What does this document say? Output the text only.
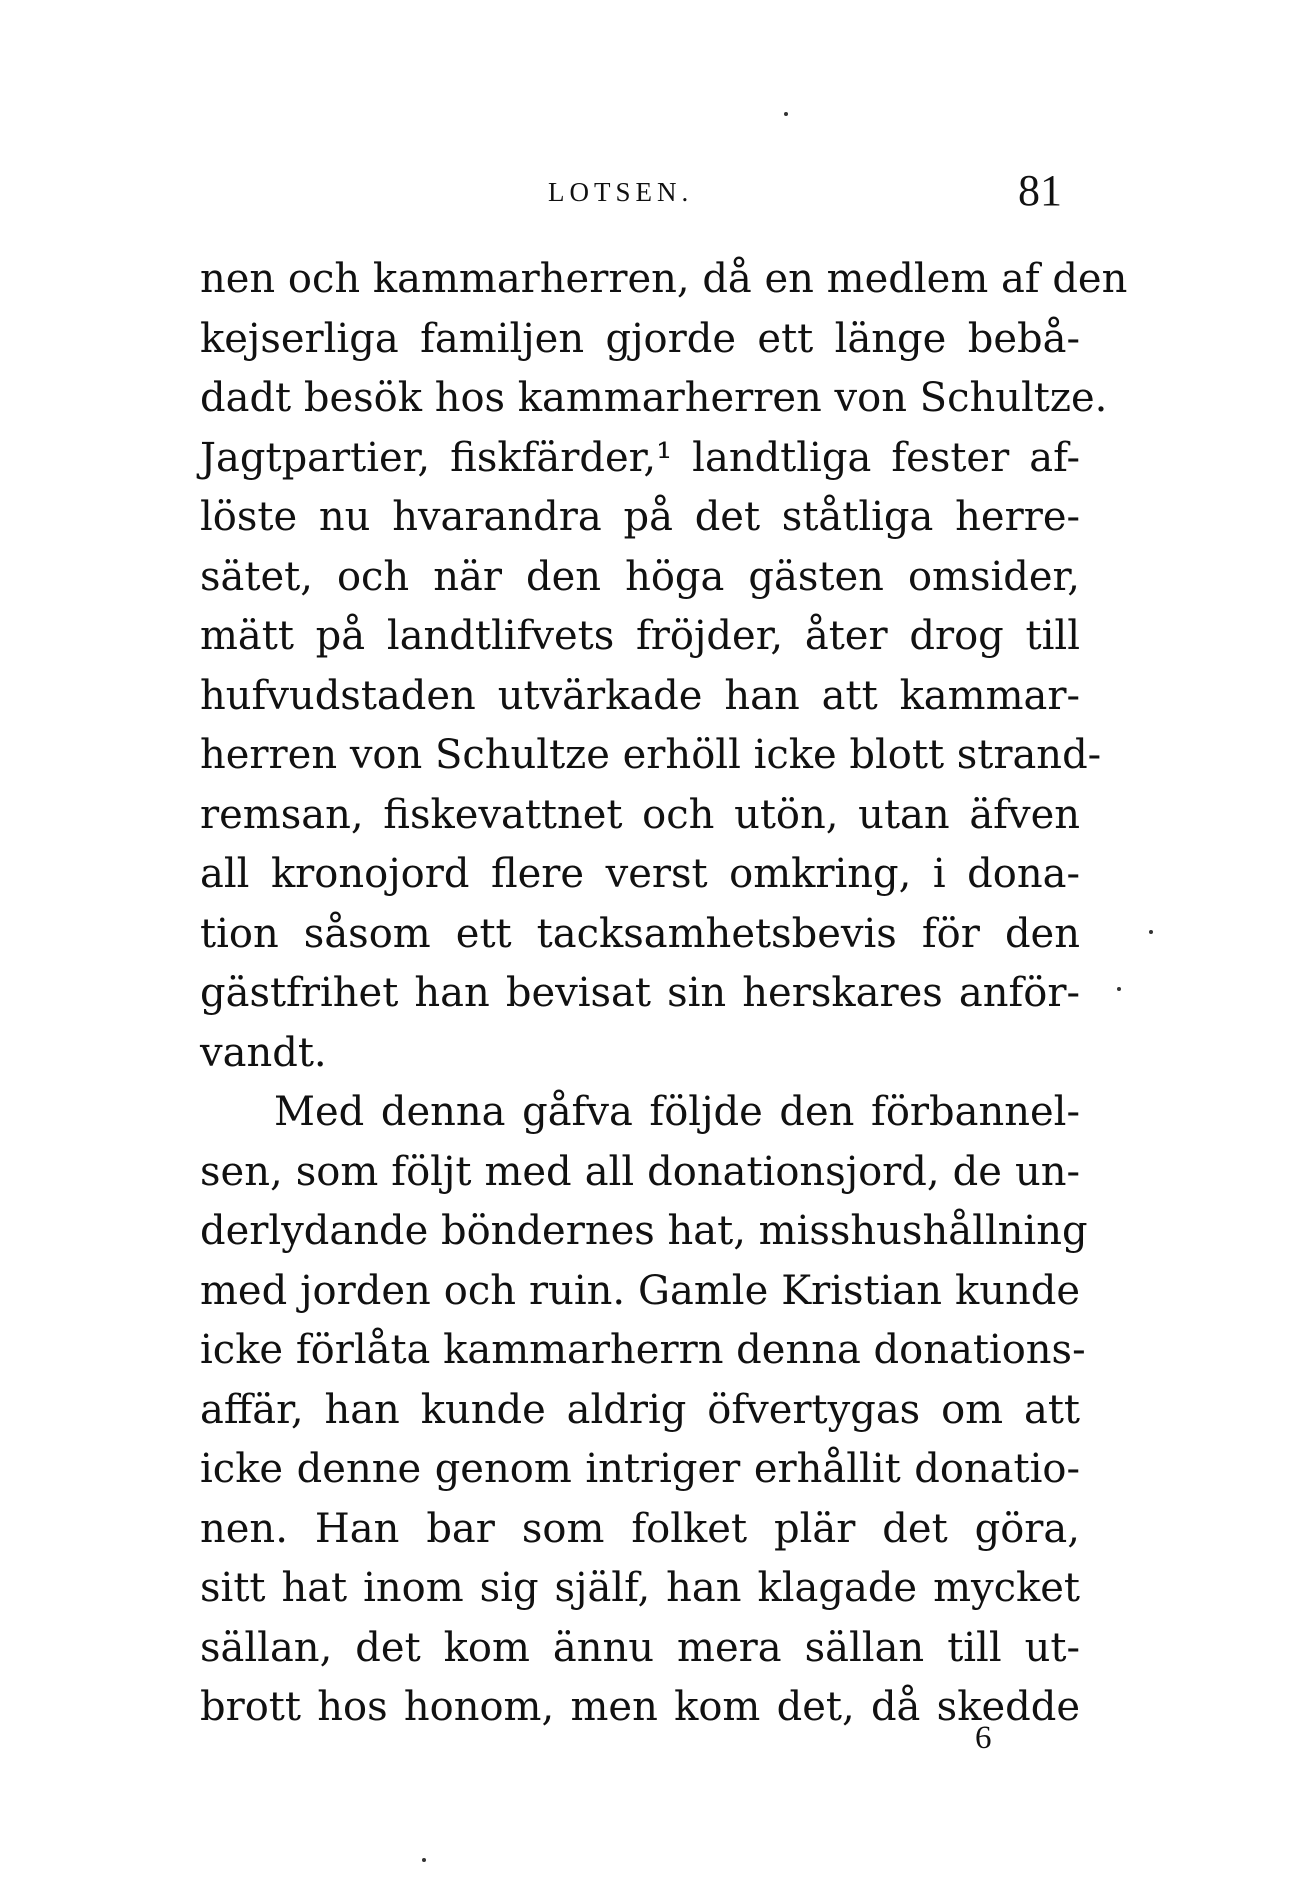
LOTSEN.	81
nen och kammarherren, då en medlem af den
kejserliga familjen gjorde ett länge bebå-
dadt besök hos kammarherren von Schultze.
Jagtpartier, fiskfärder,¹ landtliga fester af-
löste nu hvarandra på det ståtliga herre-
sätet, och när den höga gästen omsider,
mätt på landtlifvets fröjder, åter drog till
hufvudstaden utvärkade han att kammar-
herren von Schultze erhöll icke blott strand-
remsan, fiskevattnet och utön, utan äfven
all kronojord flere verst omkring, i dona-
tion såsom ett tacksamhetsbevis för den
gästfrihet han bevisat sin herskares anför-
vandt.
Med denna gåfva följde den förbannel-
sen, som följt med all donationsjord, de un-
derlydande böndernes hat, misshushållning
med jorden och ruin. Gamle Kristian kunde
icke förlåta kammarherrn denna donations-
affär, han kunde aldrig öfvertygas om att
icke denne genom intriger erhållit donatio-
nen. Han bar som folket plär det göra,
sitt hat inom sig själf, han klagade mycket
sällan, det kom ännu mera sällan till ut-
brott hos honom, men kom det, då skedde
6
